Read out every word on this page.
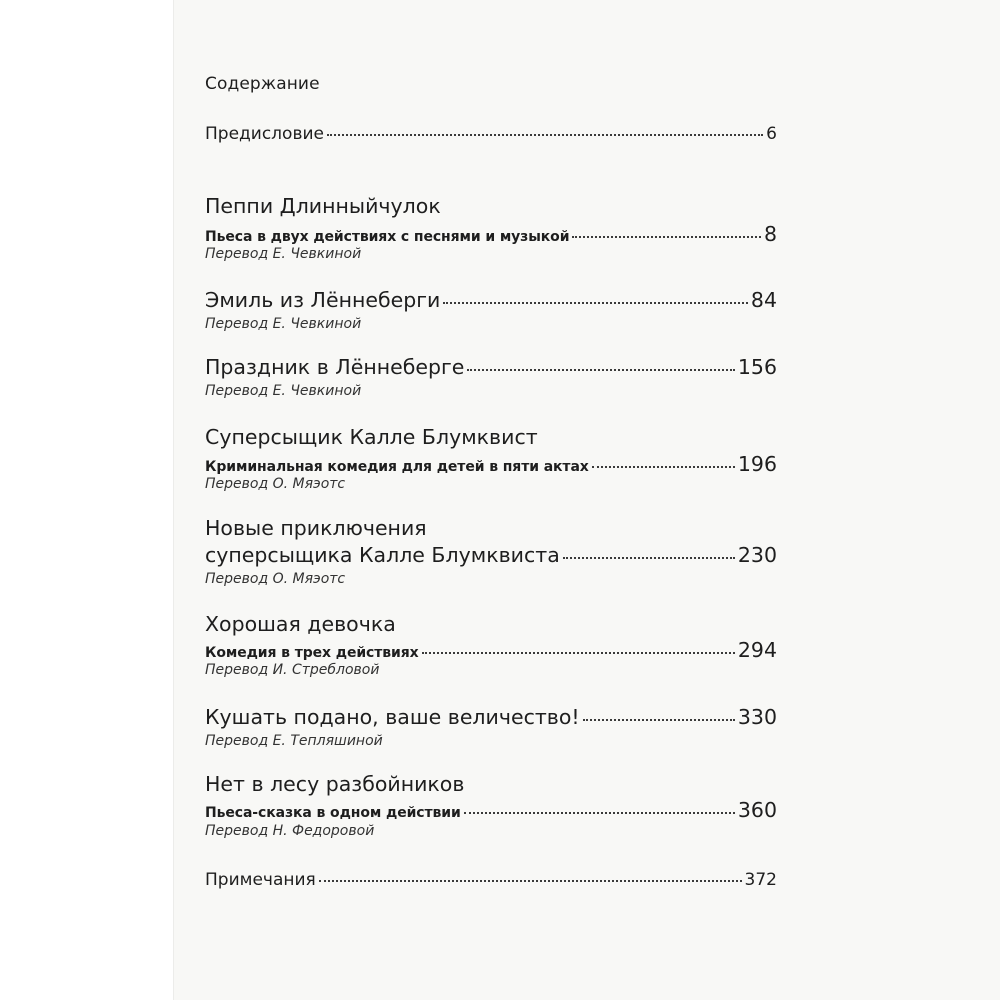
Содержание
Предисловие	6
Пеппи Длинныйчулок
Пьеса в двух действиях с песнями и музыкой	8
Перевод Е. Чевкиной
Эмиль из Лённеберги	84
Перевод Е. Чевкиной
Праздник в Лённеберге	156
Перевод Е. Чевкиной
Суперсыщик Калле Блумквист
Криминальная комедия для детей в пяти актах	196
Перевод О. Мяэотс
Новые приключения
суперсыщика Калле Блумквиста	230
Перевод О. Мяэотс
Хорошая девочка
Комедия в трех действиях	294
Перевод И. Стребловой
Кушать подано, ваше величество!	330
Перевод Е. Тепляшиной
Нет в лесу разбойников
Пьеса-сказка в одном действии	360
Перевод Н. Федоровой
Примечания	372
